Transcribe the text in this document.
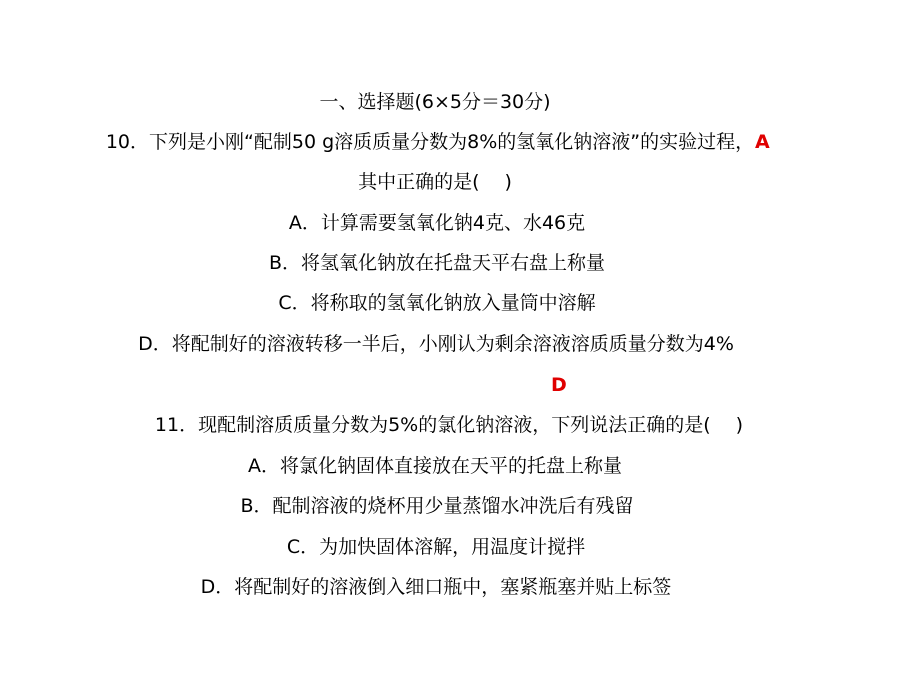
一、选择题(6×5分＝30分)
10．下列是小刚“配制50 g溶质质量分数为8%的氢氧化钠溶液”的实验过程， A
其中正确的是(　 )
A．计算需要氢氧化钠4克、水46克
B．将氢氧化钠放在托盘天平右盘上称量
C．将称取的氢氧化钠放入量筒中溶解
D．将配制好的溶液转移一半后，小刚认为剩余溶液溶质质量分数为4%
D
11．现配制溶质质量分数为5%的氯化钠溶液，下列说法正确的是(　 )
A．将氯化钠固体直接放在天平的托盘上称量
B．配制溶液的烧杯用少量蒸馏水冲洗后有残留
C．为加快固体溶解，用温度计搅拌
D．将配制好的溶液倒入细口瓶中，塞紧瓶塞并贴上标签
